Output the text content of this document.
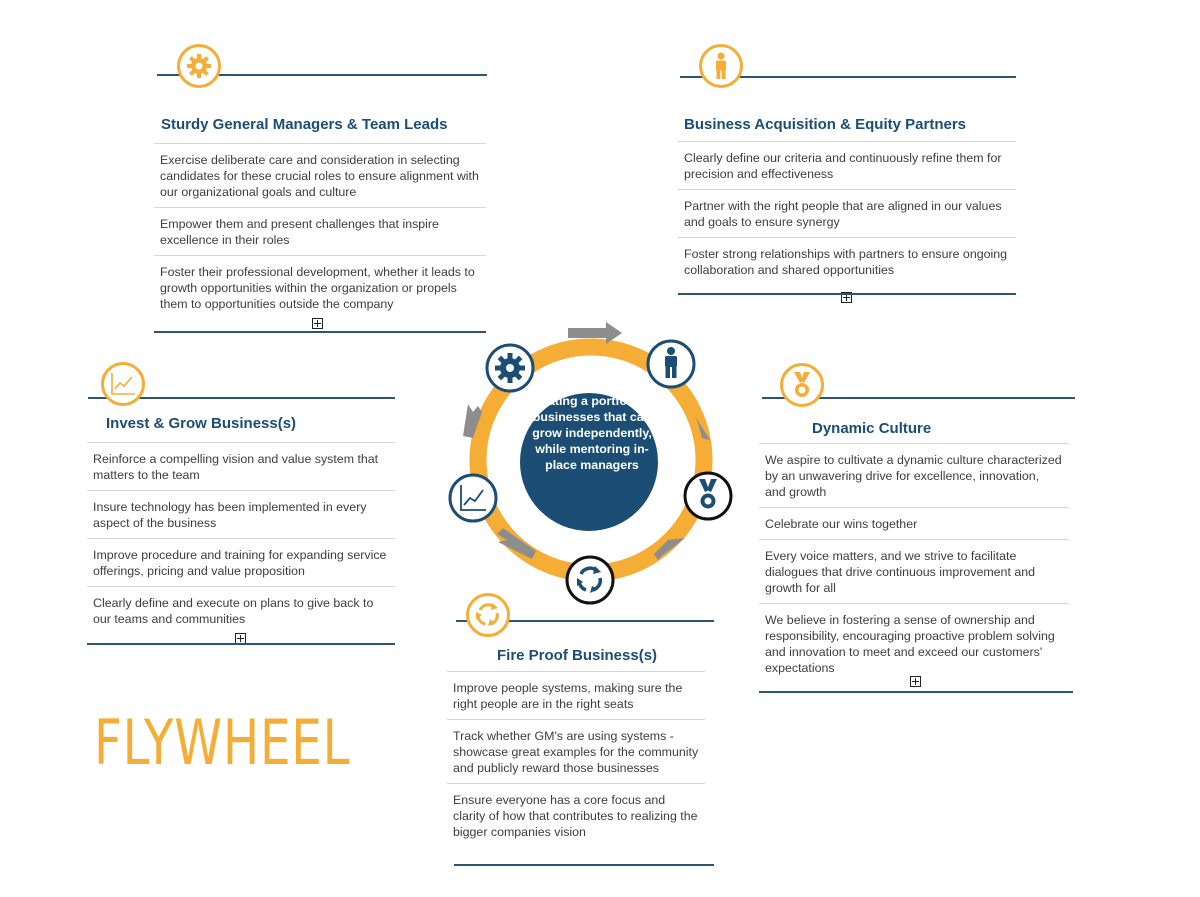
Sturdy General Managers & Team Leads
Exercise deliberate care and consideration in selecting candidates for these crucial roles to ensure alignment with our organizational goals and culture
Empower them and present challenges that inspire excellence in their roles
Foster their professional development, whether it leads to growth opportunities within the organization or propels them to opportunities outside the company
Business Acquisition & Equity Partners
Clearly define our criteria and continuously refine them for precision and effectiveness
Partner with the right people that are aligned in our values and goals to ensure synergy
Foster strong relationships with partners to ensure ongoing collaboration and shared opportunities
Invest & Grow Business(s)
Reinforce a compelling vision and value system that matters to the team
Insure technology has been implemented in every aspect of the business
Improve procedure and training for expanding service offerings, pricing and value proposition
Clearly define and execute on plans to give back to our teams and communities
Dynamic Culture
We aspire to cultivate a dynamic culture characterized by an unwavering drive for excellence, innovation, and growth
Celebrate our wins together
Every voice matters, and we strive to facilitate dialogues that drive continuous improvement and growth for all
We believe in fostering a sense of ownership and responsibility, encouraging proactive problem solving and innovation to meet and exceed our customers' expectations
Fire Proof Business(s)
Improve people systems, making sure the right people are in the right seats
Track whether GM's are using systems - showcase great examples for the community and publicly reward those businesses
Ensure everyone has a core focus and clarity of how that contributes to realizing the bigger companies vision
Creating a portfolio of businesses that can grow independently, while mentoring in-place managers
FLYWHEEL
